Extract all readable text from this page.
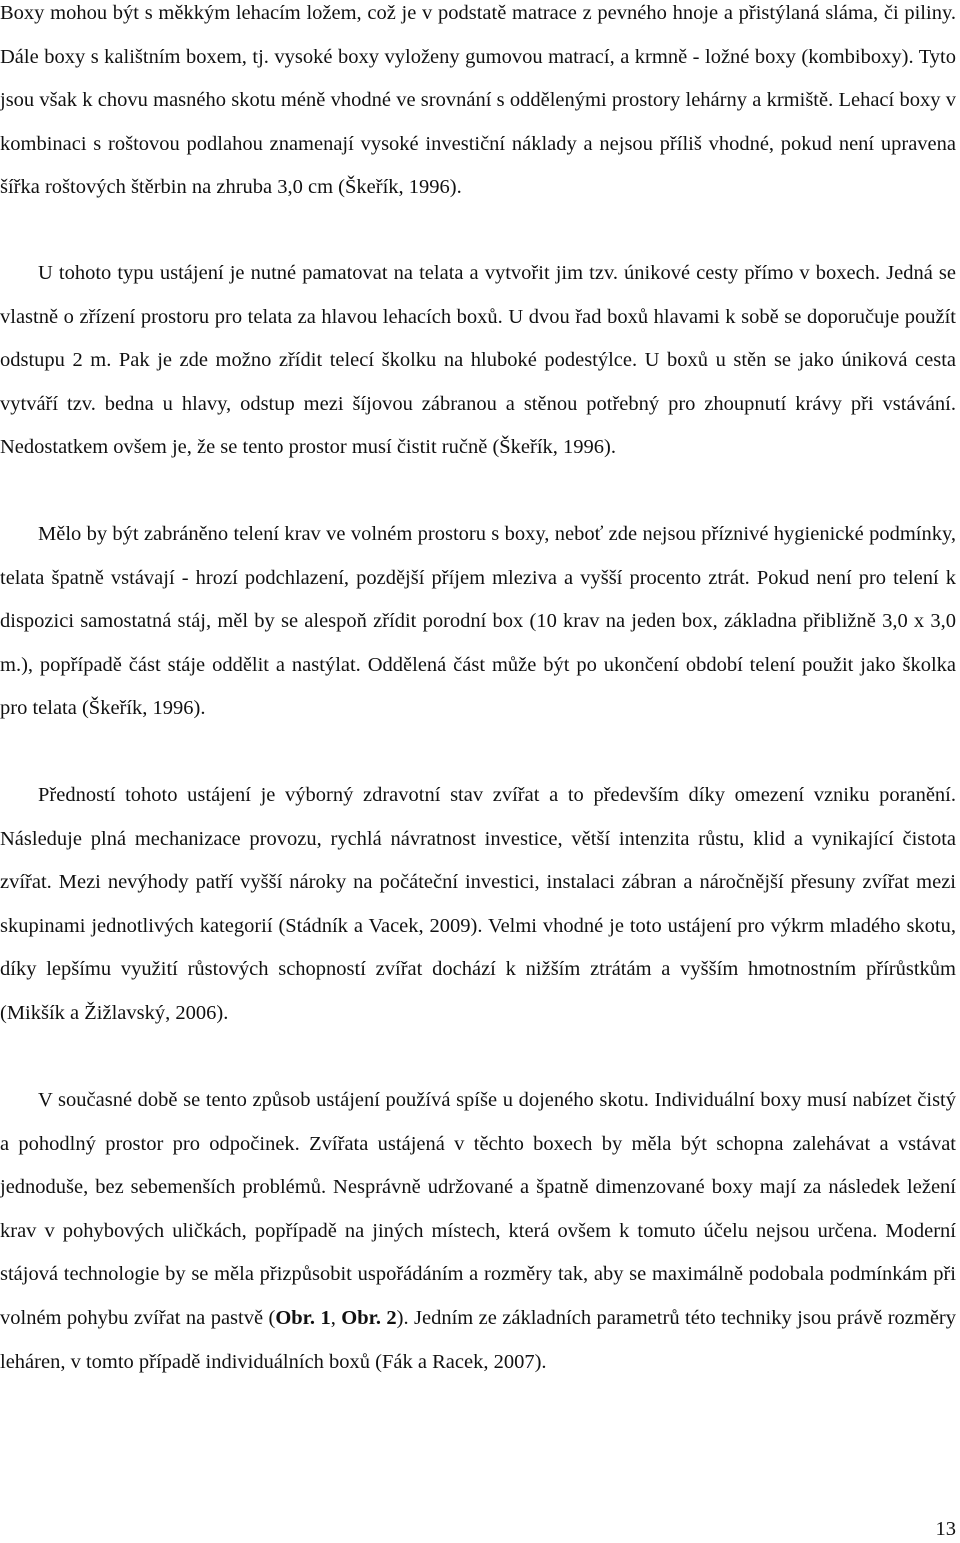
Boxy mohou být s měkkým lehacím ložem, což je v podstatě matrace z pevného hnoje a přistýlaná sláma, či piliny. Dále boxy s kalištním boxem, tj. vysoké boxy vyloženy gumovou matrací, a krmně - ložné boxy (kombiboxy). Tyto jsou však k chovu masného skotu méně vhodné ve srovnání s oddělenými prostory lehárny a krmiště. Lehací boxy v kombinaci s roštovou podlahou znamenají vysoké investiční náklady a nejsou příliš vhodné, pokud není upravena šířka roštových štěrbin na zhruba 3,0 cm (Škeřík, 1996).

U tohoto typu ustájení je nutné pamatovat na telata a vytvořit jim tzv. únikové cesty přímo v boxech. Jedná se vlastně o zřízení prostoru pro telata za hlavou lehacích boxů. U dvou řad boxů hlavami k sobě se doporučuje použít odstupu 2 m. Pak je zde možno zřídit telecí školku na hluboké podestýlce. U boxů u stěn se jako úniková cesta vytváří tzv. bedna u hlavy, odstup mezi šíjovou zábranou a stěnou potřebný pro zhoupnutí krávy při vstávání. Nedostatkem ovšem je, že se tento prostor musí čistit ručně (Škeřík, 1996).

Mělo by být zabráněno telení krav ve volném prostoru s boxy, neboť zde nejsou příznivé hygienické podmínky, telata špatně vstávají - hrozí podchlazení, pozdější příjem mleziva a vyšší procento ztrát. Pokud není pro telení k dispozici samostatná stáj, měl by se alespoň zřídit porodní box (10 krav na jeden box, základna přibližně 3,0 x 3,0 m.), popřípadě část stáje oddělit a nastýlat. Oddělená část může být po ukončení období telení použit jako školka pro telata (Škeřík, 1996).

Předností tohoto ustájení je výborný zdravotní stav zvířat a to především díky omezení vzniku poranění. Následuje plná mechanizace provozu, rychlá návratnost investice, větší intenzita růstu, klid a vynikající čistota zvířat. Mezi nevýhody patří vyšší nároky na počáteční investici, instalaci zábran a náročnější přesuny zvířat mezi skupinami jednotlivých kategorií (Stádník a Vacek, 2009). Velmi vhodné je toto ustájení pro výkrm mladého skotu, díky lepšímu využití růstových schopností zvířat dochází k nižším ztrátám a vyšším hmotnostním přírůstkům (Mikšík a Žižlavský, 2006).

V současné době se tento způsob ustájení používá spíše u dojeného skotu. Individuální boxy musí nabízet čistý a pohodlný prostor pro odpočinek. Zvířata ustájená v těchto boxech by měla být schopna zalehávat a vstávat jednoduše, bez sebemenších problémů. Nesprávně udržované a špatně dimenzované boxy mají za následek ležení krav v pohybových uličkách, popřípadě na jiných místech, která ovšem k tomuto účelu nejsou určena. Moderní stájová technologie by se měla přizpůsobit uspořádáním a rozměry tak, aby se maximálně podobala podmínkám při volném pohybu zvířat na pastvě (Obr. 1, Obr. 2). Jedním ze základních parametrů této techniky jsou právě rozměry leháren, v tomto případě individuálních boxů (Fák a Racek, 2007).

13
